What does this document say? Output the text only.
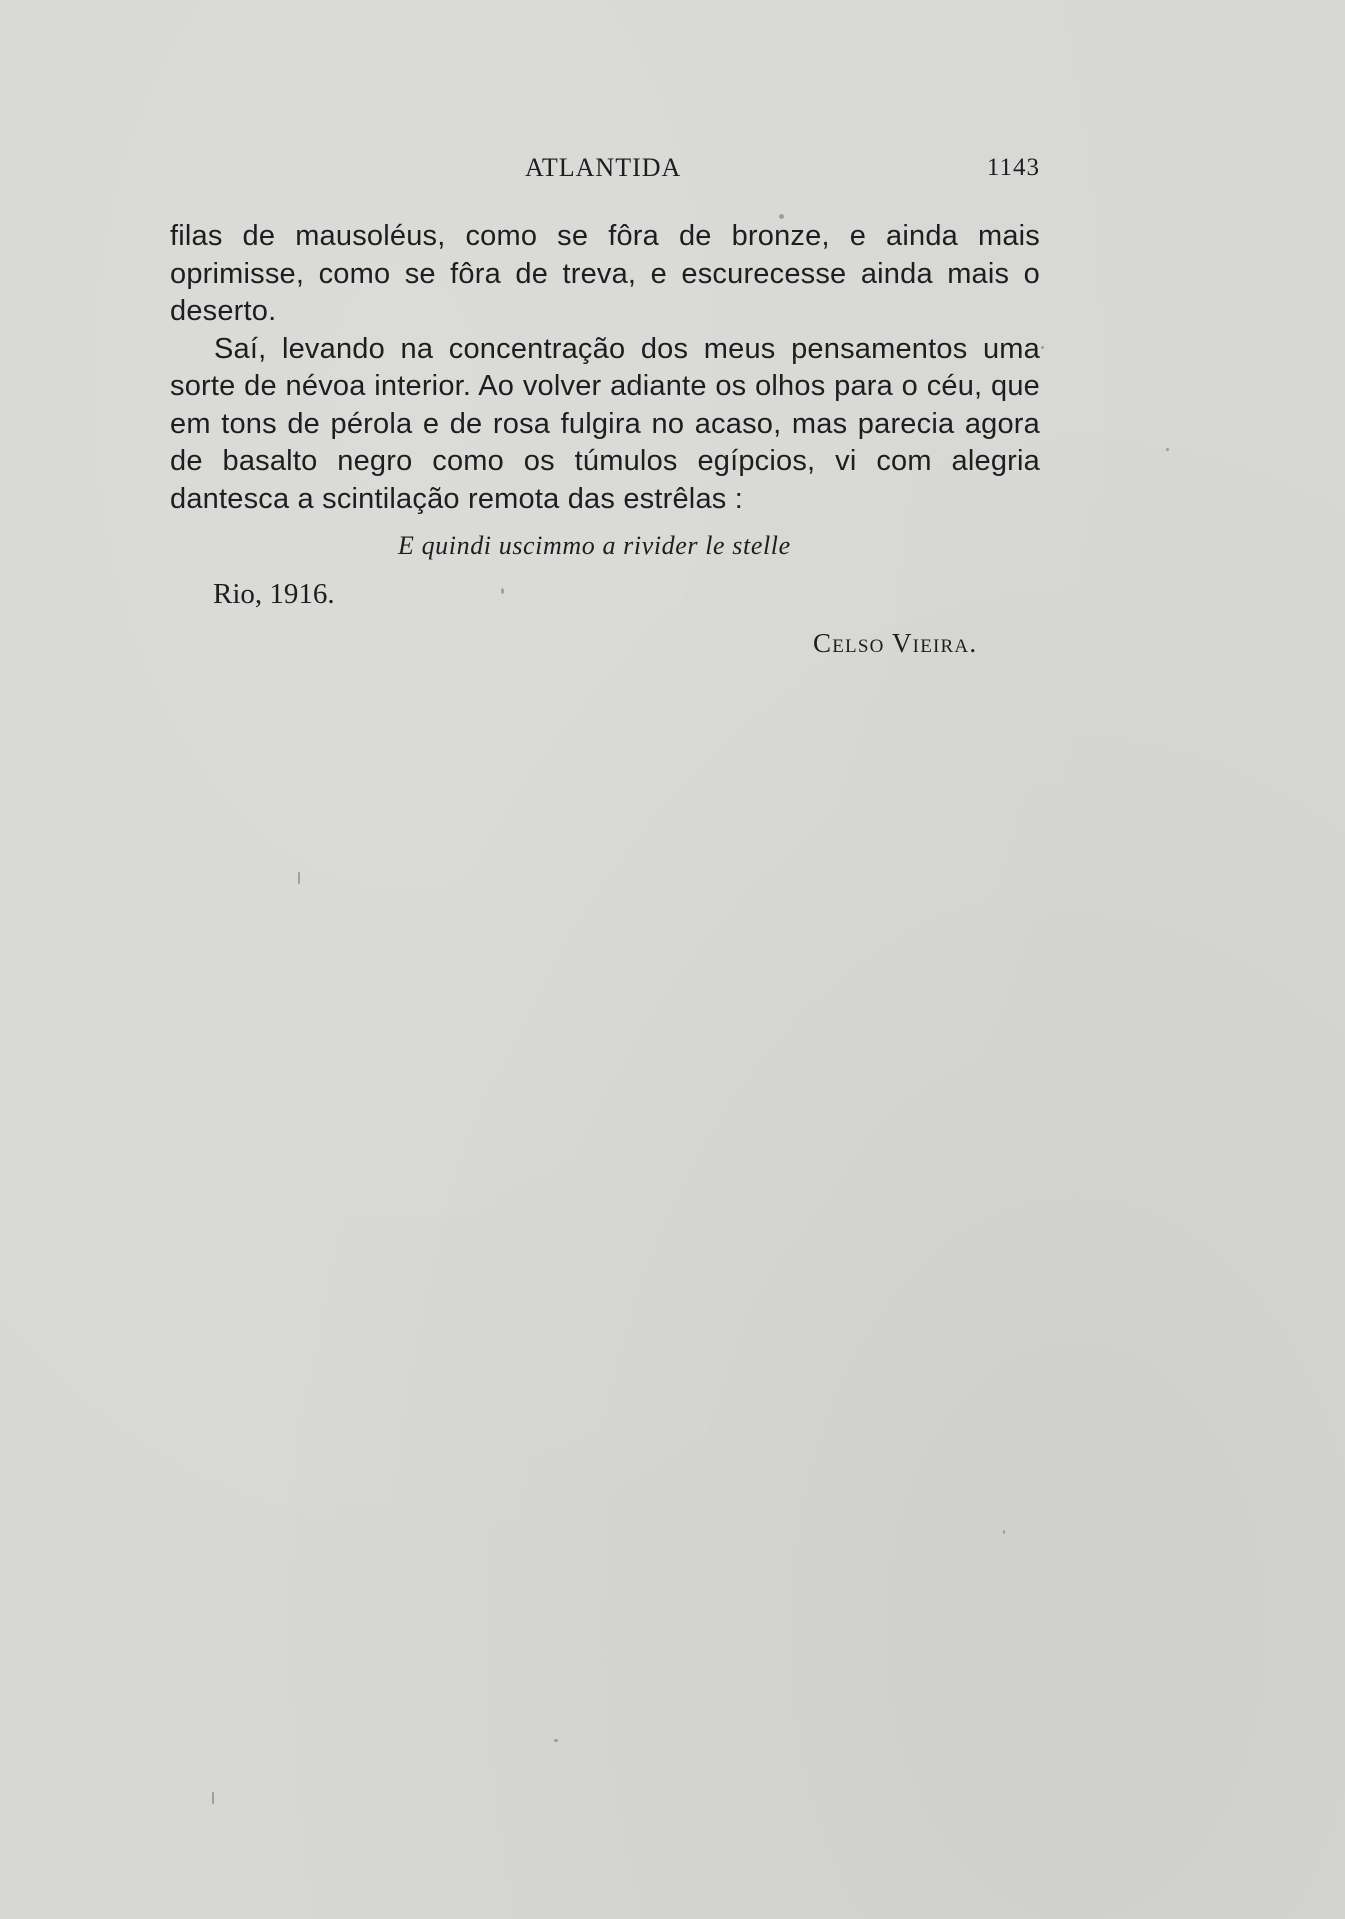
ATLANTIDA	1143

filas de mausoléus, como se fôra de bronze, e ainda mais oprimisse, como se fôra de treva, e escurecesse ainda mais o deserto.

Saí, levando na concentração dos meus pensamentos uma sorte de névoa interior. Ao volver adiante os olhos para o céu, que em tons de pérola e de rosa fulgira no acaso, mas parecia agora de basalto negro como os túmulos egípcios, vi com alegria dantesca a scintilação remota das estrêlas :

E quindi uscimmo a rivider le stelle
Rio, 1916.
Celso Vieira.
